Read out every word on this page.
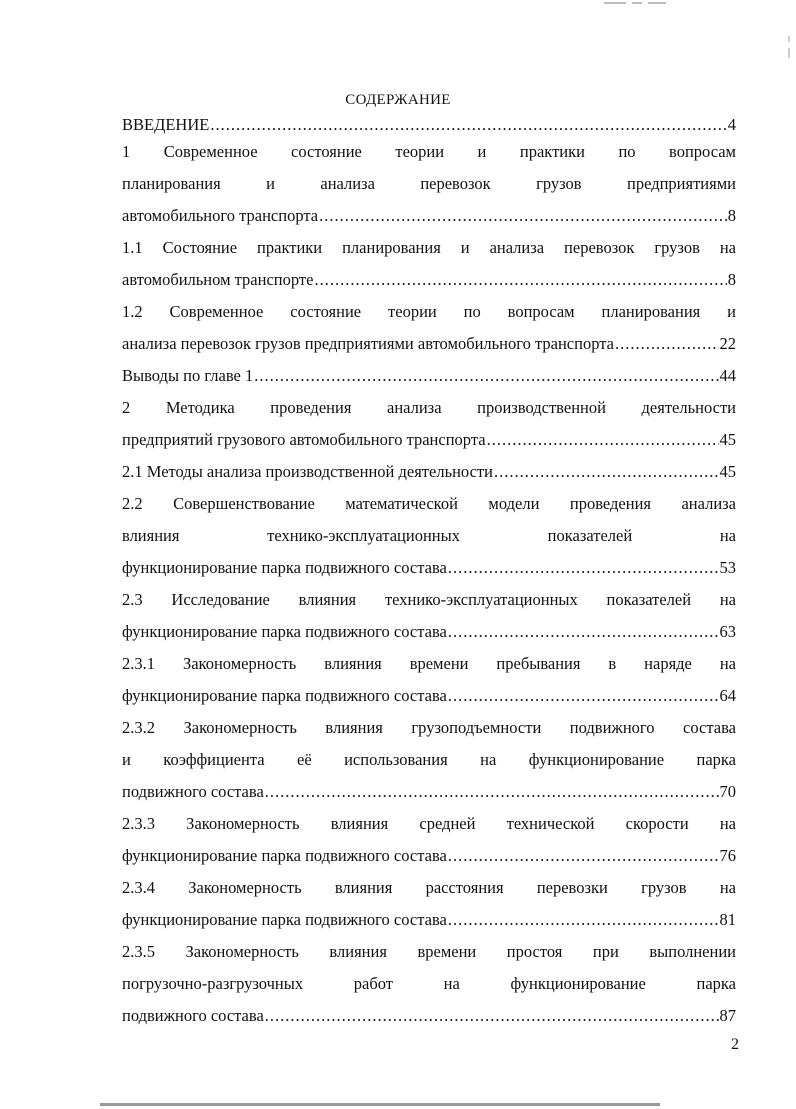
СОДЕРЖАНИЕ
ВВЕДЕНИЕ .....	4
1 Современное состояние теории и практики по вопросам
планирования и анализа перевозок грузов предприятиями
автомобильного транспорта .....	8
1.1 Состояние практики планирования и анализа перевозок грузов на
автомобильном транспорте .....	8
1.2 Современное состояние теории по вопросам планирования и
анализа перевозок грузов предприятиями автомобильного транспорта .....	22
Выводы по главе 1 .....	44
2 Методика проведения анализа производственной деятельности
предприятий грузового автомобильного транспорта .....	45
2.1 Методы анализа производственной деятельности .....	45
2.2 Совершенствование математической модели проведения анализа
влияния технико-эксплуатационных показателей на
функционирование парка подвижного состава .....	53
2.3 Исследование влияния технико-эксплуатационных показателей на
функционирование парка подвижного состава .....	63
2.3.1 Закономерность влияния времени пребывания в наряде на
функционирование парка подвижного состава .....	64
2.3.2 Закономерность влияния грузоподъемности подвижного состава
и коэффициента её использования на функционирование парка
подвижного состава .....	70
2.3.3 Закономерность влияния средней технической скорости на
функционирование парка подвижного состава .....	76
2.3.4 Закономерность влияния расстояния перевозки грузов на
функционирование парка подвижного состава .....	81
2.3.5 Закономерность влияния времени простоя при выполнении
погрузочно-разгрузочных работ на функционирование парка
подвижного состава .....	87
2
